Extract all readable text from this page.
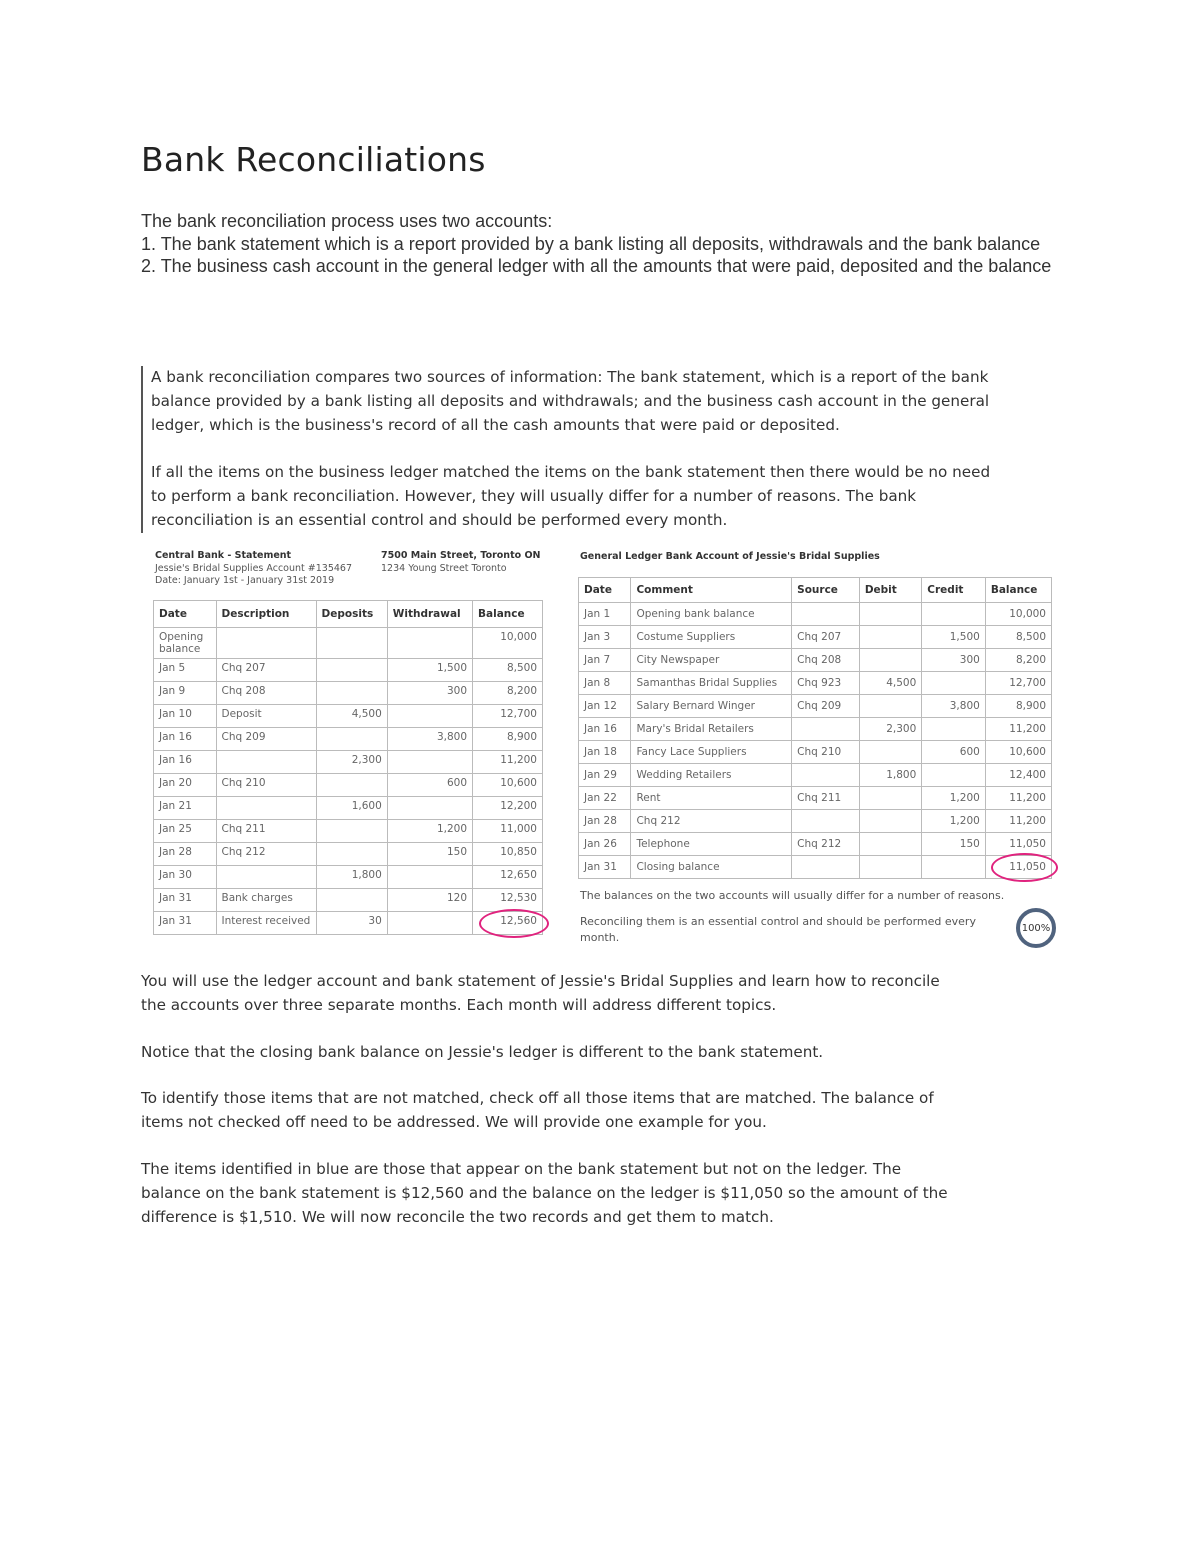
Bank Reconciliations

The bank reconciliation process uses two accounts:

1. The bank statement which is a report provided by a bank listing all deposits, withdrawals and the bank balance

2. The business cash account in the general ledger with all the amounts that were paid, deposited and the balance

A bank reconciliation compares two sources of information: The bank statement, which is a report of the bank balance provided by a bank listing all deposits and withdrawals; and the business cash account in the general ledger, which is the business's record of all the cash amounts that were paid or deposited.

If all the items on the business ledger matched the items on the bank statement then there would be no need to perform a bank reconciliation. However, they will usually differ for a number of reasons. The bank reconciliation is an essential control and should be performed every month.

Central Bank - Statement
Jessie's Bridal Supplies Account #135467
Date: January 1st - January 31st 2019
7500 Main Street, Toronto ON
1234 Young Street Toronto
Date	Description	Deposits	Withdrawal	Balance
Opening balance				10,000
Jan 5	Chq 207		1,500	8,500
Jan 9	Chq 208		300	8,200
Jan 10	Deposit	4,500		12,700
Jan 16	Chq 209		3,800	8,900
Jan 16		2,300		11,200
Jan 20	Chq 210		600	10,600
Jan 21		1,600		12,200
Jan 25	Chq 211		1,200	11,000
Jan 28	Chq 212		150	10,850
Jan 30		1,800		12,650
Jan 31	Bank charges		120	12,530
Jan 31	Interest received	30		12,560
General Ledger Bank Account of Jessie's Bridal Supplies
Date	Comment	Source	Debit	Credit	Balance
Jan 1	Opening bank balance				10,000
Jan 3	Costume Suppliers	Chq 207		1,500	8,500
Jan 7	City Newspaper	Chq 208		300	8,200
Jan 8	Samanthas Bridal Supplies	Chq 923	4,500		12,700
Jan 12	Salary Bernard Winger	Chq 209		3,800	8,900
Jan 16	Mary's Bridal Retailers		2,300		11,200
Jan 18	Fancy Lace Suppliers	Chq 210		600	10,600
Jan 29	Wedding Retailers		1,800		12,400
Jan 22	Rent	Chq 211		1,200	11,200
Jan 28	Chq 212			1,200	11,200
Jan 26	Telephone	Chq 212		150	11,050
Jan 31	Closing balance				11,050
The balances on the two accounts will usually differ for a number of reasons.
Reconciling them is an essential control and should be performed every month.
100%

You will use the ledger account and bank statement of Jessie's Bridal Supplies and learn how to reconcile the accounts over three separate months. Each month will address different topics.

Notice that the closing bank balance on Jessie's ledger is different to the bank statement.

To identify those items that are not matched, check off all those items that are matched. The balance of items not checked off need to be addressed. We will provide one example for you.

The items identified in blue are those that appear on the bank statement but not on the ledger. The balance on the bank statement is $12,560 and the balance on the ledger is $11,050 so the amount of the difference is $1,510. We will now reconcile the two records and get them to match.
